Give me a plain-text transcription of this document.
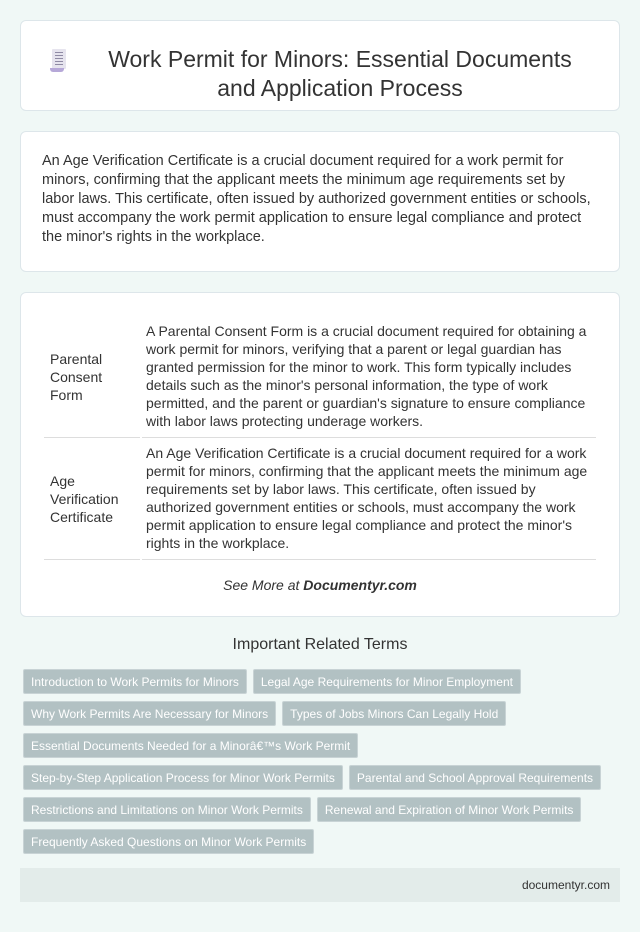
Work Permit for Minors: Essential Documents and Application Process

An Age Verification Certificate is a crucial document required for a work permit for minors, confirming that the applicant meets the minimum age requirements set by labor laws. This certificate, often issued by authorized government entities or schools, must accompany the work permit application to ensure legal compliance and protect the minor's rights in the workplace.

Parental Consent Form	A Parental Consent Form is a crucial document required for obtaining a work permit for minors, verifying that a parent or legal guardian has granted permission for the minor to work. This form typically includes details such as the minor's personal information, the type of work permitted, and the parent or guardian's signature to ensure compliance with labor laws protecting underage workers.
Age Verification Certificate	An Age Verification Certificate is a crucial document required for a work permit for minors, confirming that the applicant meets the minimum age requirements set by labor laws. This certificate, often issued by authorized government entities or schools, must accompany the work permit application to ensure legal compliance and protect the minor's rights in the workplace.
See More at Documentyr.com
Important Related Terms
Introduction to Work Permits for Minors	Legal Age Requirements for Minor Employment
Why Work Permits Are Necessary for Minors	Types of Jobs Minors Can Legally Hold
Essential Documents Needed for a Minorâ€™s Work Permit
Step-by-Step Application Process for Minor Work Permits	Parental and School Approval Requirements
Restrictions and Limitations on Minor Work Permits	Renewal and Expiration of Minor Work Permits
Frequently Asked Questions on Minor Work Permits
documentyr.com
